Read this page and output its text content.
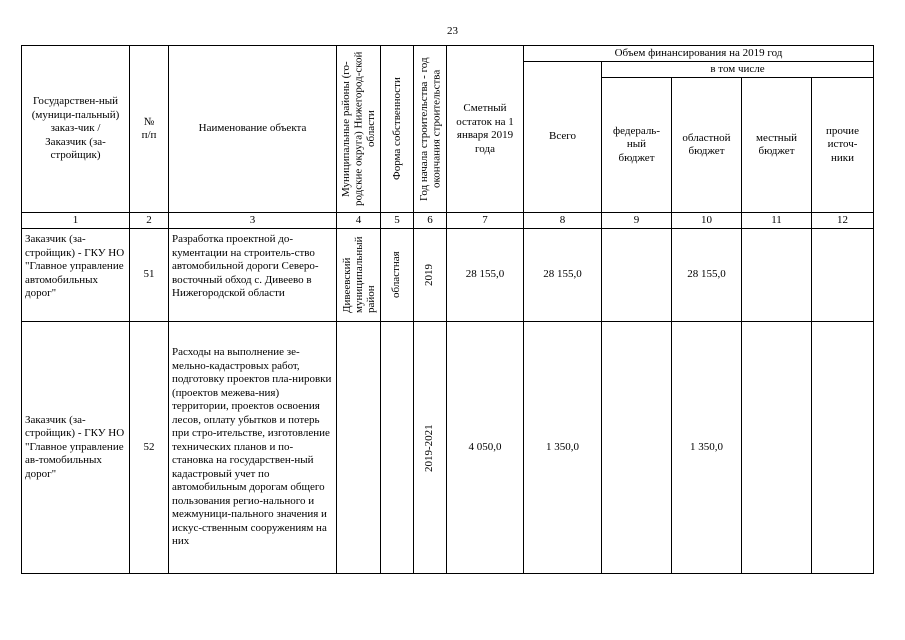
23
Государствен-ный (муници-пальный) заказ-чик / Заказчик (за-стройщик)	№ п/п	Наименование объекта	Муниципальные районы (го-родские округа) Нижегород-ской области	Форма собственности	Год начала строительства - год окончания строительства	Сметный остаток на 1 января 2019 года	Объем финансирования на 2019 год				
							Всего	в том числе			

								федераль-ный бюджет	областной бюджет	местный бюджет	прочие источ-ники

1	2	3	4	5	6	7	8	9	10	11	12
Заказчик (за-стройщик) - ГКУ НО "Главное управление автомобильных дорог"	51	Разработка проектной до-кументации на строитель-ство автомобильной дороги Северо-восточный обход с. Дивеево в Нижегородской области	Дивеевский муниципальный район	областная	2019	28 155,0	28 155,0		28 155,0		
Заказчик (за-стройщик) - ГКУ НО "Главное управление ав-томобильных дорог"	52	Расходы на выполнение зе-мельно-кадастровых работ, подготовку проектов пла-нировки (проектов межева-ния) территории, проектов освоения лесов, оплату убытков и потерь при стро-ительстве, изготовление технических планов и по-становка на государствен-ный кадастровый учет по автомобильным дорогам общего пользования регио-нального и межмуници-пального значения и искус-ственным сооружениям на них			2019-2021	4 050,0	1 350,0		1 350,0		
